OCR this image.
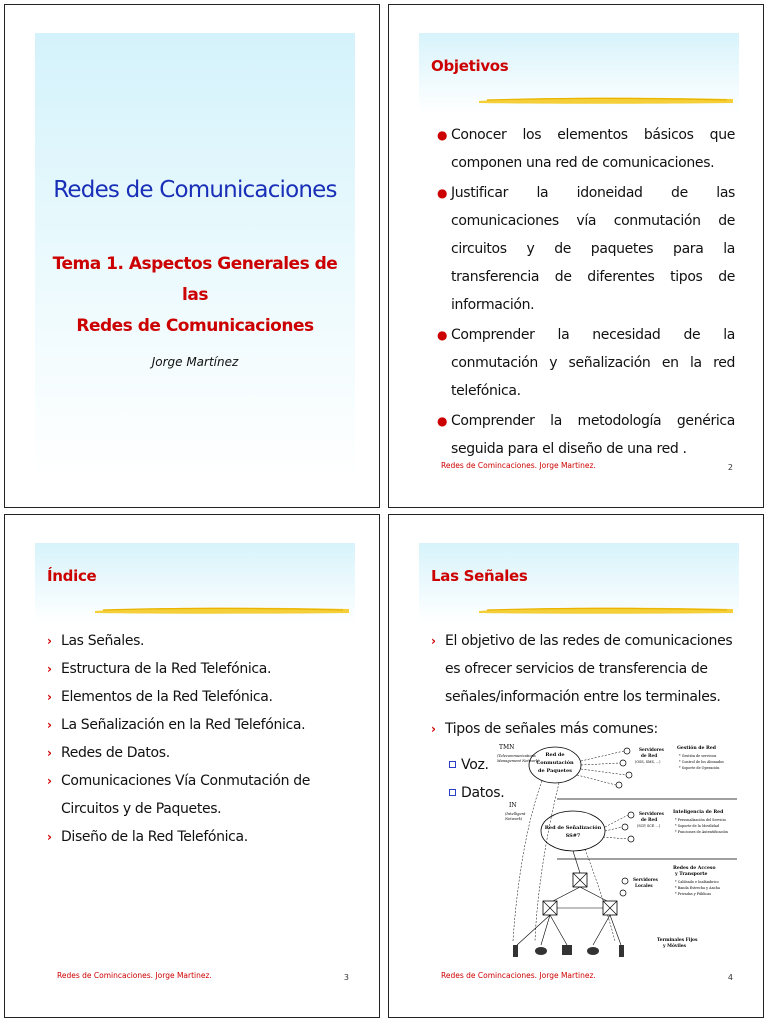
Redes de Comunicaciones
Tema 1. Aspectos Generales de las
Redes de Comunicaciones
Jorge Martínez
Objetivos
● Conocer los elementos básicos que componen una red de comunicaciones.
● Justificar la idoneidad de las comunicaciones vía conmutación de circuitos y de paquetes para la transferencia de diferentes tipos de información.
● Comprender la necesidad de la conmutación y señalización en la red telefónica.
● Comprender la metodología genérica seguida para el diseño de una red .
Redes de Comincaciones. Jorge Martinez.	2
Índice
› Las Señales.
› Estructura de la Red Telefónica.
› Elementos de la Red Telefónica.
› La Señalización en la Red Telefónica.
› Redes de Datos.
› Comunicaciones Vía Conmutación de Circuitos y de Paquetes.
› Diseño de la Red Telefónica.
Redes de Comincaciones. Jorge Martinez.	3
Las Señales
› El objetivo de las redes de comunicaciones es ofrecer servicios de transferencia de señales/información entre los terminales.
› Tipos de señales más comunes:
Voz.
Datos.
Red de
Conmutación
de Paquetes
Red de Señalización
SS#7
TMN
(Telecommunications
Management Network)
IN
(Intelligent
Network)
Servidores
de Red
(OSS, SMS, ...)
Servidores
de Red
(SCP, SCE ...)
Servidores
Locales
Gestión de Red
* Gestión de servicios
* Control de los Abonados
* Soporte de Operación
Inteligencia de Red
* Personalización del Servicio
* Soporte de la Movilidad
* Funciones de Autentificación
Redes de Acceso
y Transporte
* Cableado e Inalámbrico
* Banda Estrecha y Ancha
* Privadas y Públicas
Terminales Fijos
y Móviles
Redes de Comincaciones. Jorge Martinez.	4
